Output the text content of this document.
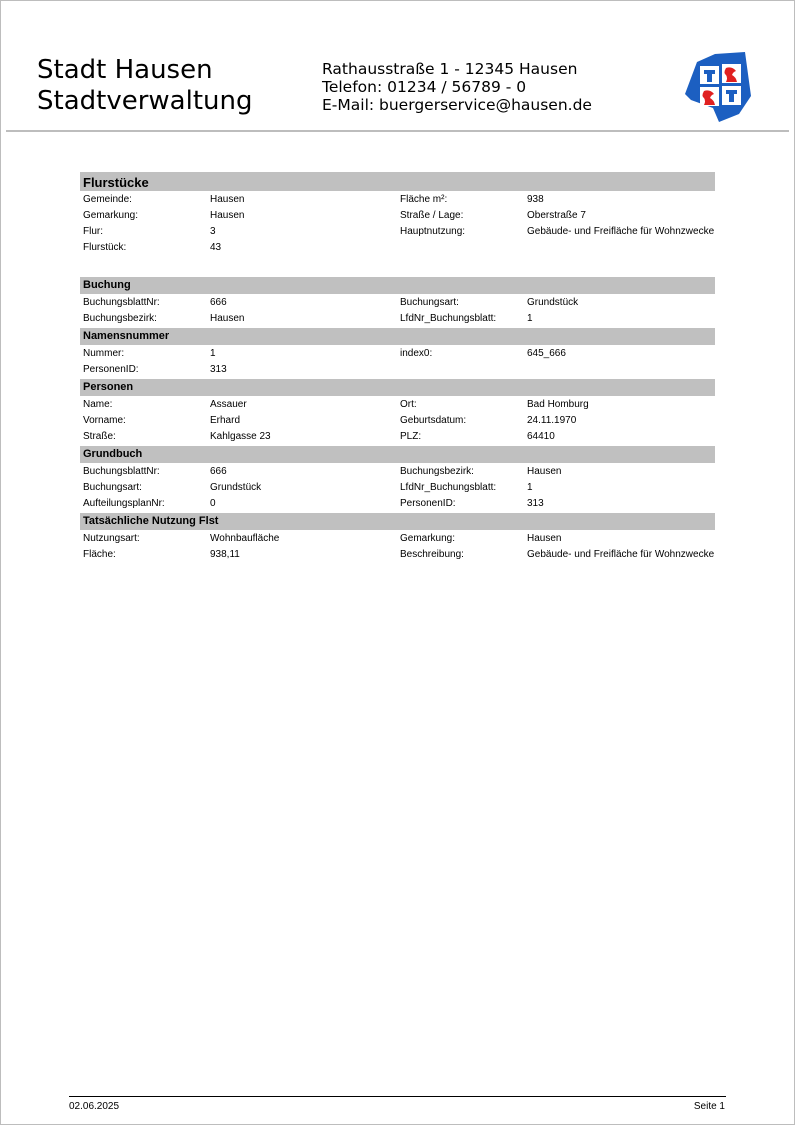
Stadt Hausen
Stadtverwaltung
Rathausstraße 1 - 12345 Hausen
Telefon: 01234 / 56789 - 0
E-Mail: buergerservice@hausen.de
Flurstücke
Gemeinde:	Hausen	Fläche m²:	938
Gemarkung:	Hausen	Straße / Lage:	Oberstraße 7
Flur:	3	Hauptnutzung:	Gebäude- und Freifläche für Wohnzwecke
Flurstück:	43
Buchung
BuchungsblattNr:	666	Buchungsart:	Grundstück
Buchungsbezirk:	Hausen	LfdNr_Buchungsblatt:	1
Namensnummer
Nummer:	1	index0:	645_666
PersonenID:	313
Personen
Name:	Assauer	Ort:	Bad Homburg
Vorname:	Erhard	Geburtsdatum:	24.11.1970
Straße:	Kahlgasse 23	PLZ:	64410
Grundbuch
BuchungsblattNr:	666	Buchungsbezirk:	Hausen
Buchungsart:	Grundstück	LfdNr_Buchungsblatt:	1
AufteilungsplanNr:	0	PersonenID:	313
Tatsächliche Nutzung Flst
Nutzungsart:	Wohnbaufläche	Gemarkung:	Hausen
Fläche:	938,11	Beschreibung:	Gebäude- und Freifläche für Wohnzwecke
02.06.2025	Seite 1
